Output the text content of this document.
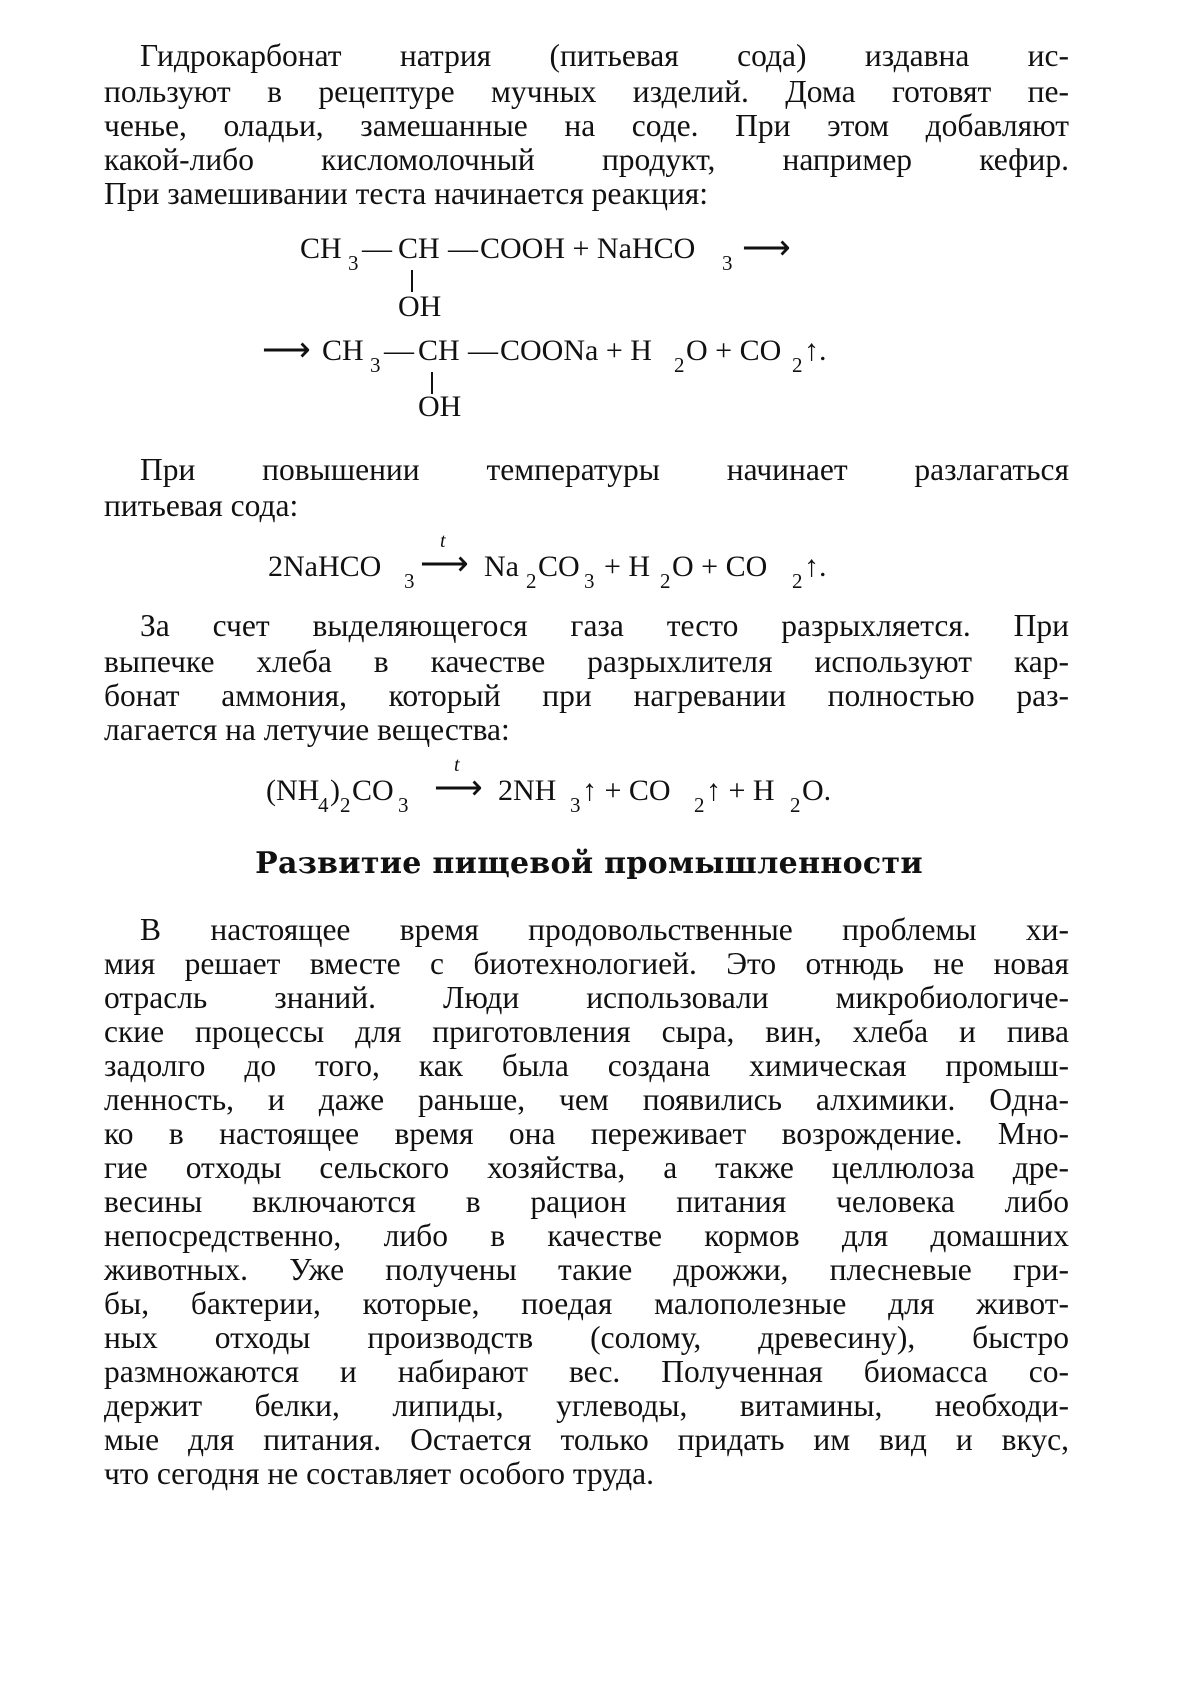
Гидрокарбонат натрия (питьевая сода) издавна ис-
пользуют в рецептуре мучных изделий. Дома готовят пе-
ченье, оладьи, замешанные на соде. При этом добавляют
какой-либо кисломолочный продукт, например кефир.
При замешивании теста начинается реакция:
CH 3 — CH — COOH + NaHCO 3 ⟶
OH
⟶ CH 3 — CH — COONa + H 2 O + CO 2 ↑.
OH
При повышении температуры начинает разлагаться
питьевая сода:
2NaHCO 3
t
⟶ Na 2 CO 3 + H 2 O + CO 2 ↑.
За счет выделяющегося газа тесто разрыхляется. При
выпечке хлеба в качестве разрыхлителя используют кар-
бонат аммония, который при нагревании полностью раз-
лагается на летучие вещества:
(NH
4 ) 2 CO 3
t
⟶ 2NH 3 ↑ + CO 2 ↑ + H 2 O.
Развитие пищевой промышленности
В настоящее время продовольственные проблемы хи-
мия решает вместе с биотехнологией. Это отнюдь не новая
отрасль знаний. Люди использовали микробиологиче-
ские процессы для приготовления сыра, вин, хлеба и пива
задолго до того, как была создана химическая промыш-
ленность, и даже раньше, чем появились алхимики. Одна-
ко в настоящее время она переживает возрождение. Мно-
гие отходы сельского хозяйства, а также целлюлоза дре-
весины включаются в рацион питания человека либо
непосредственно, либо в качестве кормов для домашних
животных. Уже получены такие дрожжи, плесневые гри-
бы, бактерии, которые, поедая малополезные для живот-
ных отходы производств (солому, древесину), быстро
размножаются и набирают вес. Полученная биомасса со-
держит белки, липиды, углеводы, витамины, необходи-
мые для питания. Остается только придать им вид и вкус,
что сегодня не составляет особого труда.
